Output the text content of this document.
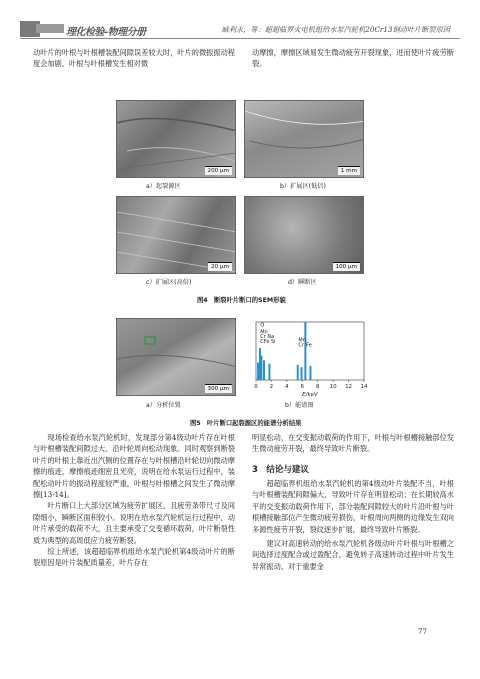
理化检验-物理分册	臧利永，等：超超临界火电机组给水泵汽轮机20Cr13钢动叶片断裂原因

动叶片的叶根与叶根槽装配间隙误差较大时，叶片的微振振动程度会加剧，叶根与叶根槽发生相对微

动摩擦，摩擦区域易发生微动疲劳开裂现象，进而使叶片疲劳断裂。

200 μm
a）起裂源区
1 mm
b）扩展区(低倍)
20 μm
c）扩展区(高倍)
100 μm
d）瞬断区
图4　断裂叶片断口的SEM形貌
300 μm
a）分析位置
0 2 4 6 8 10 12 14
O
Mn
Cr Na
CFe Si	Mn
Cr Fe
E/keV
b）能谱图
图5　叶片断口起裂源区的能谱分析结果

现场检查给水泵汽轮机时，发现部分第4级动叶片存在叶根与叶根槽装配间隙过大、沿叶轮周向松动现象。同时观察到断裂叶片的叶根上靠近出汽侧的位置存在与叶根槽沿叶轮切向微动摩擦的痕迹，摩擦痕迹细密且光亮，说明在给水泵运行过程中，装配松动叶片的振动程度较严重，叶根与叶根槽之间发生了微动摩擦[13-14]。

叶片断口上大部分区域为疲劳扩展区，且疲劳条带尺寸及间隙细小，瞬断区面积较小。说明在给水泵汽轮机运行过程中，动叶片承受的载荷不大，且主要承受了交变循环载荷，叶片断裂性质为典型的高周低应力疲劳断裂。

综上所述，该超超临界机组给水泵汽轮机第4级动叶片的断裂原因是叶片装配质量差，叶片存在

明显松动，在交变振动载荷的作用下，叶根与叶根槽接触部位发生微动疲劳开裂，最终导致叶片断裂。

3　结论与建议

超超临界机组给水泵汽轮机的第4级动叶片装配不当，叶根与叶根槽装配间隙偏大，导致叶片存在明显松动；在长期较高水平的交变振动载荷作用下，部分装配间隙较大的叶片沿叶根与叶根槽接触部位产生微动疲劳损伤，叶根周向两侧的边缘发生双向多源性疲劳开裂，裂纹逐步扩展，最终导致叶片断裂。

建议对高速转动的给水泵汽轮机各级动叶片叶根与叶根槽之间选择过度配合或过盈配合，避免转子高速转动过程中叶片发生异常振动。对于重要金

77
